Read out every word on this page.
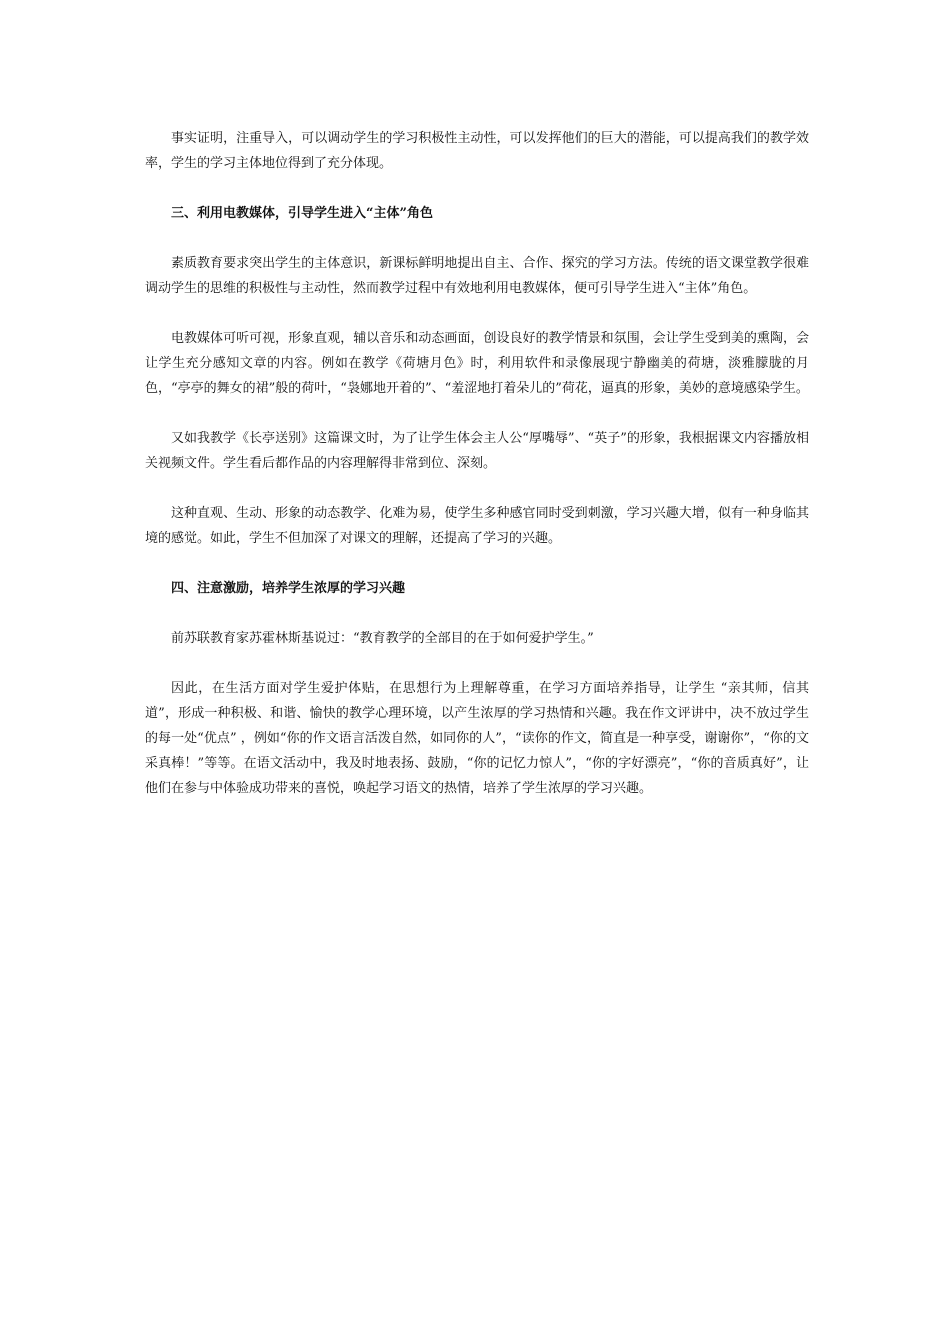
事实证明，注重导入，可以调动学生的学习积极性主动性，可以发挥他们的巨大的潜能，可以提高我们的教学效率，学生的学习主体地位得到了充分体现。

三、利用电教媒体，引导学生进入“主体”角色

素质教育要求突出学生的主体意识，新课标鲜明地提出自主、合作、探究的学习方法。传统的语文课堂教学很难调动学生的思维的积极性与主动性，然而教学过程中有效地利用电教媒体，便可引导学生进入“主体”角色。

电教媒体可听可视，形象直观，辅以音乐和动态画面，创设良好的教学情景和氛围，会让学生受到美的熏陶，会让学生充分感知文章的内容。例如在教学《荷塘月色》时，利用软件和录像展现宁静幽美的荷塘，淡雅朦胧的月色，“亭亭的舞女的裙”般的荷叶，“袅娜地开着的”、“羞涩地打着朵儿的”荷花，逼真的形象，美妙的意境感染学生。

又如我教学《长亭送别》这篇课文时，为了让学生体会主人公“厚嘴辱”、“英子”的形象，我根据课文内容播放相关视频文件。学生看后都作品的内容理解得非常到位、深刻。

这种直观、生动、形象的动态教学、化难为易，使学生多种感官同时受到刺激，学习兴趣大增，似有一种身临其境的感觉。如此，学生不但加深了对课文的理解，还提高了学习的兴趣。

四、注意激励，培养学生浓厚的学习兴趣

前苏联教育家苏霍林斯基说过：“教育教学的全部目的在于如何爱护学生。”

因此，在生活方面对学生爱护体贴，在思想行为上理解尊重，在学习方面培养指导，让学生 “亲其师，信其道”，形成一种积极、和谐、愉快的教学心理环境，以产生浓厚的学习热情和兴趣。我在作文评讲中，决不放过学生的每一处“优点” ，例如“你的作文语言活泼自然，如同你的人”，“读你的作文，简直是一种享受，谢谢你”，“你的文采真棒！”等等。在语文活动中，我及时地表扬、鼓励，“你的记忆力惊人”，“你的字好漂亮”，“你的音质真好”，让他们在参与中体验成功带来的喜悦，唤起学习语文的热情，培养了学生浓厚的学习兴趣。
